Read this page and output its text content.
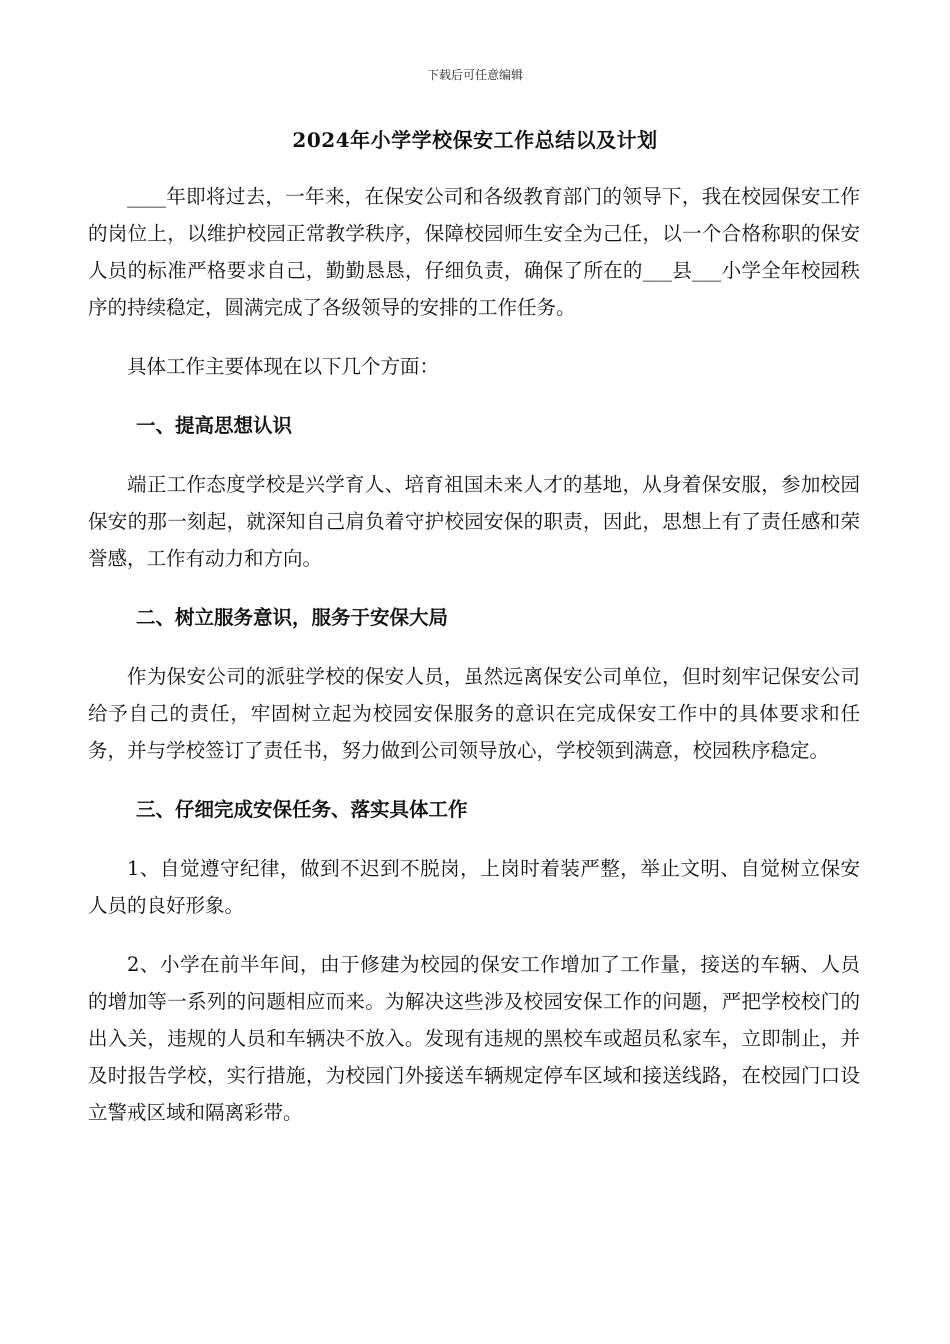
下载后可任意编辑
2024年小学学校保安工作总结以及计划

____年即将过去，一年来，在保安公司和各级教育部门的领导下，我在校园保安工作的岗位上，以维护校园正常教学秩序，保障校园师生安全为己任，以一个合格称职的保安人员的标准严格要求自己，勤勤恳恳，仔细负责，确保了所在的___县___小学全年校园秩序的持续稳定，圆满完成了各级领导的安排的工作任务。

具体工作主要体现在以下几个方面：

一、提高思想认识

端正工作态度学校是兴学育人、培育祖国未来人才的基地，从身着保安服，参加校园保安的那一刻起，就深知自己肩负着守护校园安保的职责，因此，思想上有了责任感和荣誉感，工作有动力和方向。

二、树立服务意识，服务于安保大局

作为保安公司的派驻学校的保安人员，虽然远离保安公司单位，但时刻牢记保安公司给予自己的责任，牢固树立起为校园安保服务的意识在完成保安工作中的具体要求和任务，并与学校签订了责任书，努力做到公司领导放心，学校领到满意，校园秩序稳定。

三、仔细完成安保任务、落实具体工作

1、自觉遵守纪律，做到不迟到不脱岗，上岗时着装严整，举止文明、自觉树立保安人员的良好形象。

2、小学在前半年间，由于修建为校园的保安工作增加了工作量，接送的车辆、人员的增加等一系列的问题相应而来。为解决这些涉及校园安保工作的问题，严把学校校门的出入关，违规的人员和车辆决不放入。发现有违规的黑校车或超员私家车，立即制止，并及时报告学校，实行措施，为校园门外接送车辆规定停车区域和接送线路，在校园门口设立警戒区域和隔离彩带。
